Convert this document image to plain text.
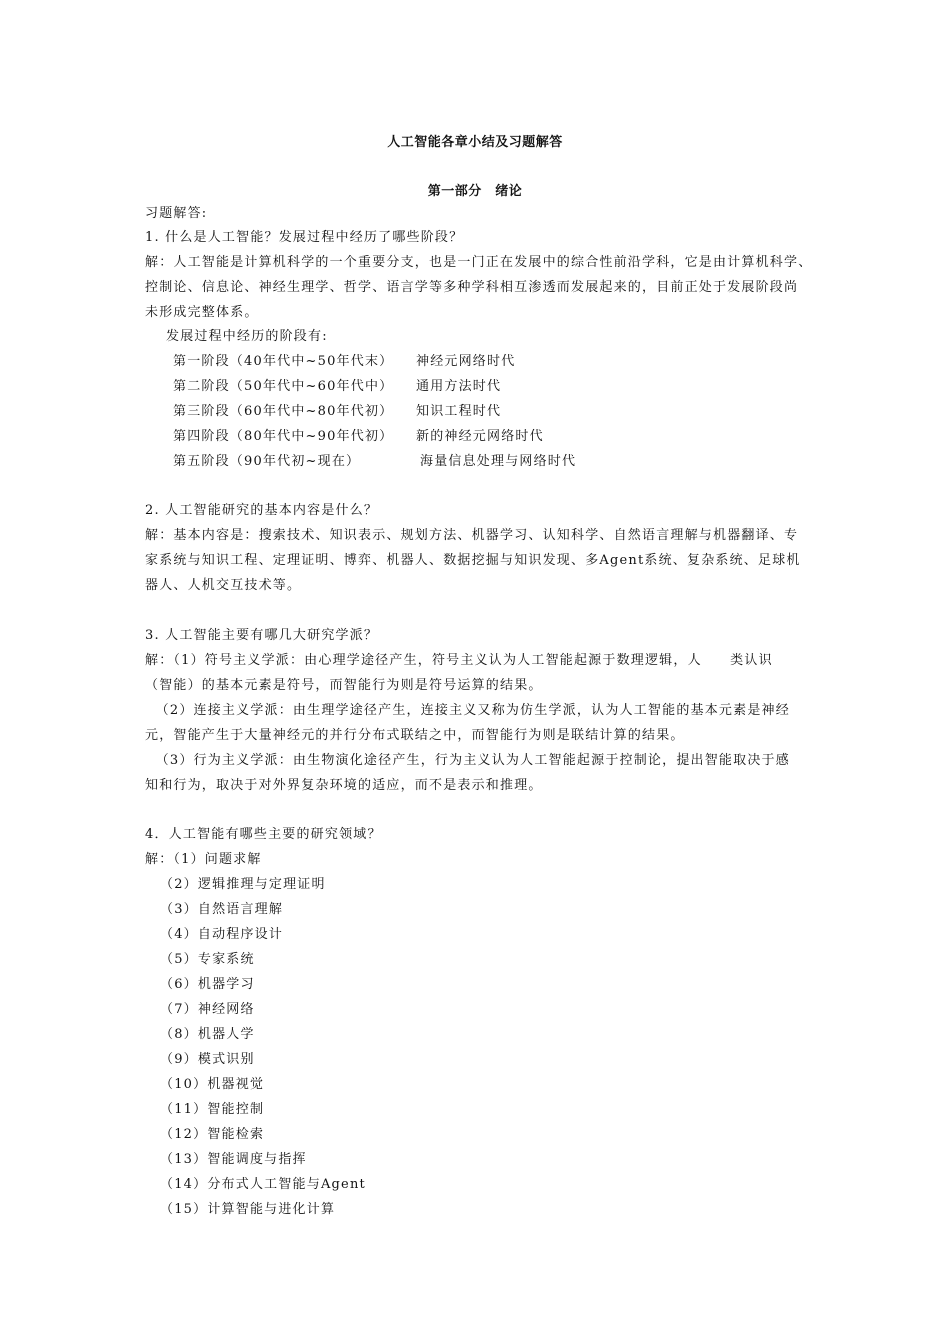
人工智能各章小结及习题解答
第一部分　绪论
习题解答:
1. 什么是人工智能？发展过程中经历了哪些阶段？
解：人工智能是计算机科学的一个重要分支，也是一门正在发展中的综合性前沿学科，它是由计算机科学、
控制论、信息论、神经生理学、哲学、语言学等多种学科相互渗透而发展起来的，目前正处于发展阶段尚
未形成完整体系。
发展过程中经历的阶段有:
第一阶段（40年代中~50年代末） 神经元网络时代
第二阶段（50年代中~60年代中） 通用方法时代
第三阶段（60年代中~80年代初） 知识工程时代
第四阶段（80年代中~90年代初） 新的神经元网络时代
第五阶段（90年代初~现在）	海量信息处理与网络时代
2. 人工智能研究的基本内容是什么？
解：基本内容是：搜索技术、知识表示、规划方法、机器学习、认知科学、自然语言理解与机器翻译、专
家系统与知识工程、定理证明、博弈、机器人、数据挖掘与知识发现、多Agent系统、复杂系统、足球机
器人、人机交互技术等。
3. 人工智能主要有哪几大研究学派？
解：（1）符号主义学派：由心理学途径产生，符号主义认为人工智能起源于数理逻辑，人　　类认识
（智能）的基本元素是符号，而智能行为则是符号运算的结果。
（2）连接主义学派：由生理学途径产生，连接主义又称为仿生学派，认为人工智能的基本元素是神经
元，智能产生于大量神经元的并行分布式联结之中，而智能行为则是联结计算的结果。
（3）行为主义学派：由生物演化途径产生，行为主义认为人工智能起源于控制论，提出智能取决于感
知和行为，取决于对外界复杂环境的适应，而不是表示和推理。
4．人工智能有哪些主要的研究领域？
解：（1）问题求解
（2）逻辑推理与定理证明
（3）自然语言理解
（4）自动程序设计
（5）专家系统
（6）机器学习
（7）神经网络
（8）机器人学
（9）模式识别
（10）机器视觉
（11）智能控制
（12）智能检索
（13）智能调度与指挥
（14）分布式人工智能与Agent
（15）计算智能与进化计算
